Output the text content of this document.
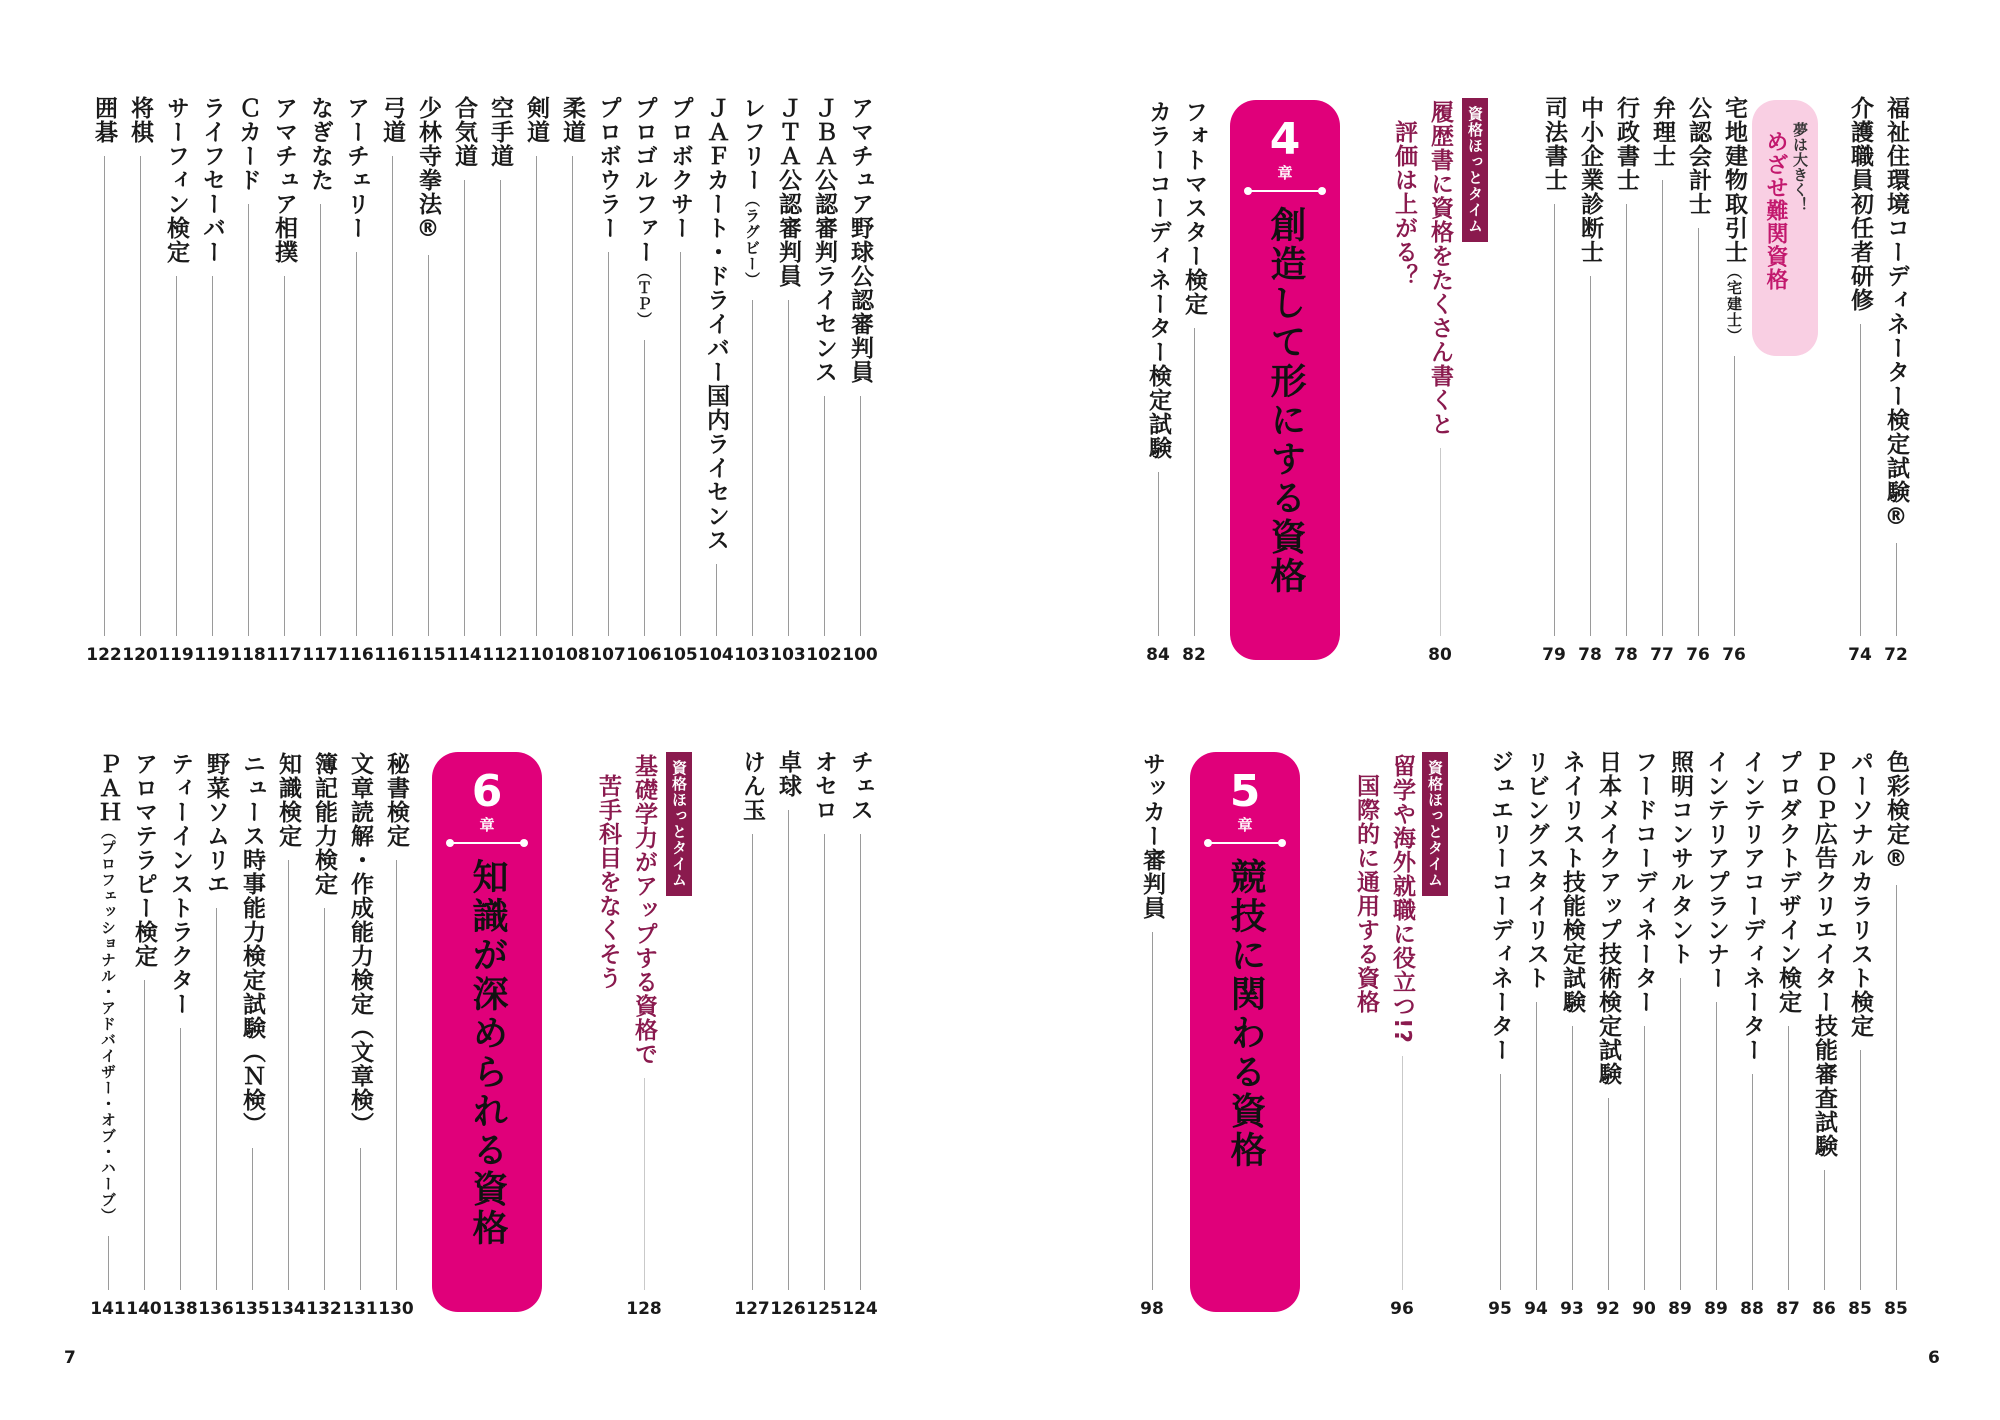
福祉住環境コーディネーター検定試験®
72
介護職員初任者研修
74
夢は大きく！
めざせ難関資格
宅地建物取引士（宅建士）
76
公認会計士
76
弁理士
77
行政書士
78
中小企業診断士
78
司法書士
79
資格ほっとタイム
履歴書に資格をたくさん書くと
80
評価は上がる？
4
章
創造して形にする資格
フォトマスター検定
82
カラーコーディネーター検定試験
84
色彩検定®
85
パーソナルカラリスト検定
85
ＰＯＰ広告クリエイター技能審査試験
86
プロダクトデザイン検定
87
インテリアコーディネーター
88
インテリアプランナー
89
照明コンサルタント
89
フードコーディネーター
90
日本メイクアップ技術検定試験
92
ネイリスト技能検定試験
93
リビングスタイリスト
94
ジュエリーコーディネーター
95
資格ほっとタイム
留学や海外就職に役立つ!?
96
国際的に通用する資格
5
章
競技に関わる資格
サッカー審判員
98
アマチュア野球公認審判員
100
ＪＢＡ公認審判ライセンス
102
ＪＴＡ公認審判員
103
レフリー（ラグビー）
103
ＪＡＦカート・ドライバー国内ライセンス
104
プロボクサー
105
プロゴルファー（ＴＰ）
106
プロボウラー
107
柔道
108
剣道
110
空手道
112
合気道
114
少林寺拳法®
115
弓道
116
アーチェリー
116
なぎなた
117
アマチュア相撲
117
Ｃカード
118
ライフセーバー
119
サーフィン検定
119
将棋
120
囲碁
122
チェス
124
オセロ
125
卓球
126
けん玉
127
資格ほっとタイム
基礎学力がアップする資格で
128
苦手科目をなくそう
6
章
知識が深められる資格
秘書検定
130
文章読解・作成能力検定（文章検）
131
簿記能力検定
132
知識検定
134
ニュース時事能力検定試験（Ｎ検）
135
野菜ソムリエ
136
ティーインストラクター
138
アロマテラピー検定
140
ＰＡＨ（プロフェッショナル・アドバイザー・オブ・ハーブ）
141
7	6
